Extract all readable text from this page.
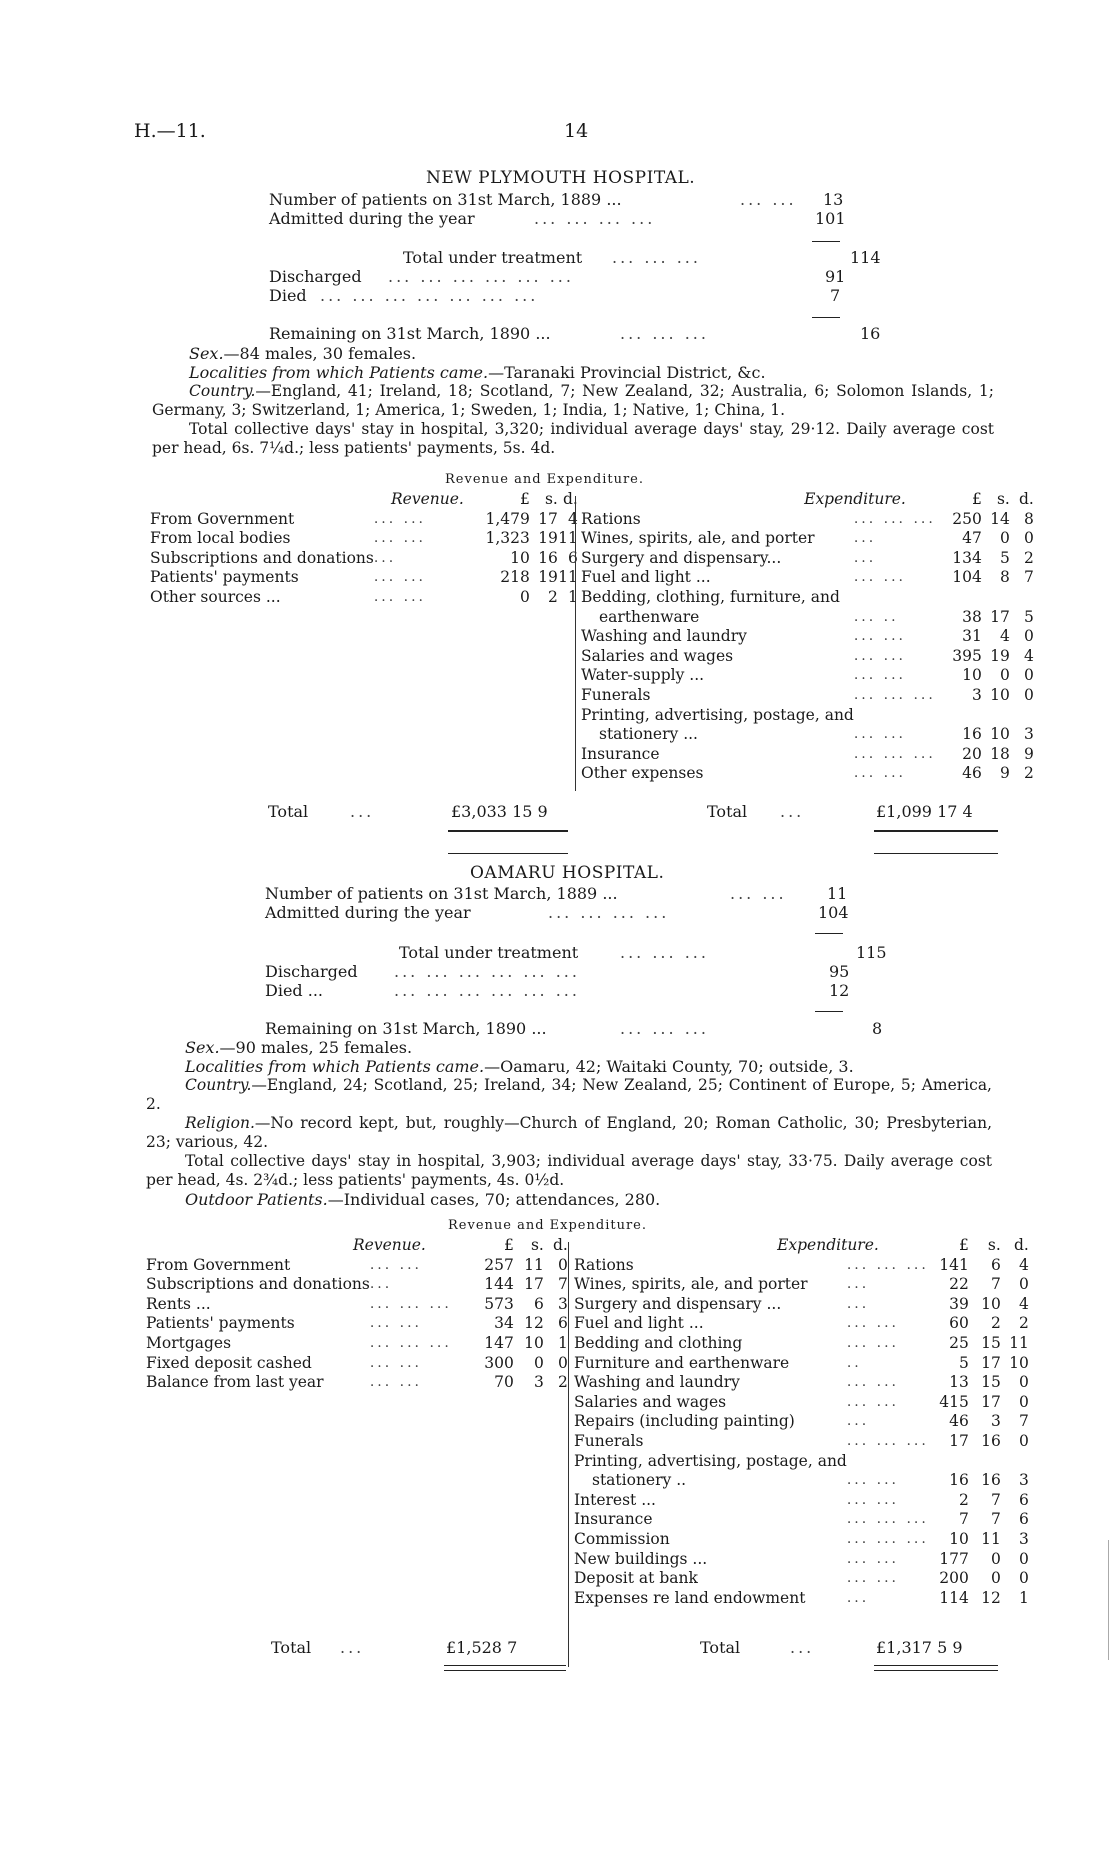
H.—11.	14
NEW PLYMOUTH HOSPITAL.
Number of patients on 31st March, 1889 ...	... ... 13
Admitted during the year	... ... ... ...	101
Total under treatment ... ... ...	114
Discharged ... ... ... ... ... ...	91
Died ... ... ... ... ... ... ...	7
Remaining on 31st March, 1890 ...	... ... ...	16
Sex.—84 males, 30 females.
Localities from which Patients came.—Taranaki Provincial District, &c.
Country.—England, 41; Ireland, 18; Scotland, 7; New Zealand, 32; Australia, 6; Solomon Islands, 1; Germany, 3; Switzerland, 1; America, 1; Sweden, 1; India, 1; Native, 1; China, 1.
Total collective days' stay in hospital, 3,320; individual average days' stay, 29·12. Daily average cost per head, 6s. 7¼d.; less patients' payments, 5s. 4d.
Revenue and Expenditure.
Revenue.		£	s.	d.
From Government	... ...	1,479	17	4
From local bodies	... ...	1,323	19	11
Subscriptions and donations	...	10	16	6
Patients' payments	... ...	218	19	11
Other sources ...	... ...	0	2	1
Expenditure.		£	s.	d.
Rations	... ... ...	250	14	8
Wines, spirits, ale, and porter	...	47	0	0
Surgery and dispensary...	...	134	5	2
Fuel and light ...	... ...	104	8	7
Bedding, clothing, furniture, and				
earthenware	... ..	38	17	5
Washing and laundry	... ...	31	4	0
Salaries and wages	... ...	395	19	4
Water-supply ...	... ...	10	0	0
Funerals	... ... ...	3	10	0
Printing, advertising, postage, and				
stationery ...	... ...	16	10	3
Insurance	... ... ...	20	18	9
Other expenses	... ...	46	9	2
Total	...	£3,033 15 9	Total ...	£1,099 17 4
OAMARU HOSPITAL.
Number of patients on 31st March, 1889 ...	... ...	11
Admitted during the year	... ... ... ...	104
Total under treatment	... ... ...	115
Discharged ... ... ... ... ... ...	95
Died ...	... ... ... ... ... ...	12
Remaining on 31st March, 1890 ...	... ... ...	8
Sex.—90 males, 25 females.
Localities from which Patients came.—Oamaru, 42; Waitaki County, 70; outside, 3.
Country.—England, 24; Scotland, 25; Ireland, 34; New Zealand, 25; Continent of Europe, 5; America, 2.
Religion.—No record kept, but, roughly—Church of England, 20; Roman Catholic, 30; Presbyterian, 23; various, 42.
Total collective days' stay in hospital, 3,903; individual average days' stay, 33·75. Daily average cost per head, 4s. 2¾d.; less patients' payments, 4s. 0½d.
Outdoor Patients.—Individual cases, 70; attendances, 280.
Revenue and Expenditure.
Revenue.		£	s.	d.
From Government	... ...	257	11	0
Subscriptions and donations	...	144	17	7
Rents ...	... ... ...	573	6	3
Patients' payments	... ...	34	12	6
Mortgages	... ... ...	147	10	1
Fixed deposit cashed	... ...	300	0	0
Balance from last year	... ...	70	3	2
Expenditure.		£	s.	d.
Rations	... ... ...	141	6	4
Wines, spirits, ale, and porter	...	22	7	0
Surgery and dispensary ...	...	39	10	4
Fuel and light ...	... ...	60	2	2
Bedding and clothing	... ...	25	15	11
Furniture and earthenware	..	5	17	10
Washing and laundry	... ...	13	15	0
Salaries and wages	... ...	415	17	0
Repairs (including painting)	...	46	3	7
Funerals	... ... ...	17	16	0
Printing, advertising, postage, and				
stationery ..	... ...	16	16	3
Interest ...	... ...	2	7	6
Insurance	... ... ...	7	7	6
Commission	... ... ...	10	11	3
New buildings ...	... ...	177	0	0
Deposit at bank	... ...	200	0	0
Expenses re land endowment	...	114	12	1
Total ...	£1,528 7	Total	...	£1,317 5 9
